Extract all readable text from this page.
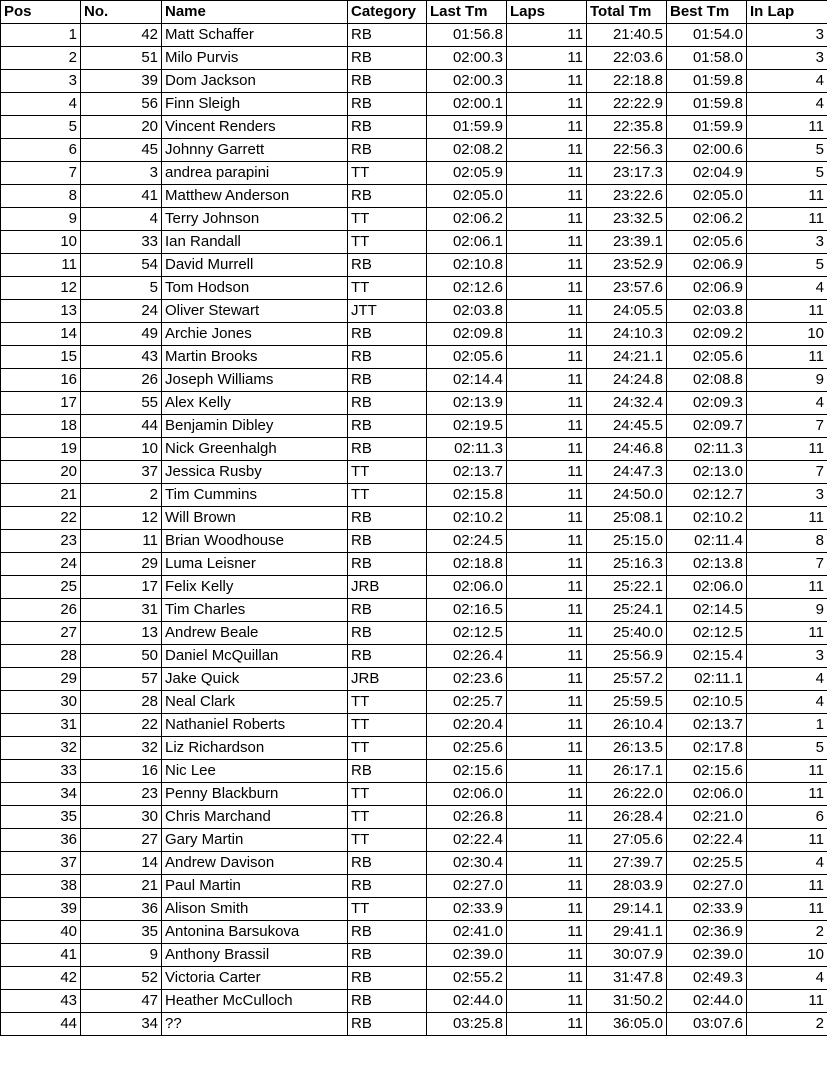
Pos	No.	Name	Category	Last Tm	Laps	Total Tm	Best Tm	In Lap
1	42	Matt Schaffer	RB	01:56.8	11	21:40.5	01:54.0	3
2	51	Milo Purvis	RB	02:00.3	11	22:03.6	01:58.0	3
3	39	Dom Jackson	RB	02:00.3	11	22:18.8	01:59.8	4
4	56	Finn Sleigh	RB	02:00.1	11	22:22.9	01:59.8	4
5	20	Vincent Renders	RB	01:59.9	11	22:35.8	01:59.9	11
6	45	Johnny Garrett	RB	02:08.2	11	22:56.3	02:00.6	5
7	3	andrea parapini	TT	02:05.9	11	23:17.3	02:04.9	5
8	41	Matthew Anderson	RB	02:05.0	11	23:22.6	02:05.0	11
9	4	Terry Johnson	TT	02:06.2	11	23:32.5	02:06.2	11
10	33	Ian Randall	TT	02:06.1	11	23:39.1	02:05.6	3
11	54	David Murrell	RB	02:10.8	11	23:52.9	02:06.9	5
12	5	Tom Hodson	TT	02:12.6	11	23:57.6	02:06.9	4
13	24	Oliver Stewart	JTT	02:03.8	11	24:05.5	02:03.8	11
14	49	Archie Jones	RB	02:09.8	11	24:10.3	02:09.2	10
15	43	Martin Brooks	RB	02:05.6	11	24:21.1	02:05.6	11
16	26	Joseph Williams	RB	02:14.4	11	24:24.8	02:08.8	9
17	55	Alex Kelly	RB	02:13.9	11	24:32.4	02:09.3	4
18	44	Benjamin Dibley	RB	02:19.5	11	24:45.5	02:09.7	7
19	10	Nick Greenhalgh	RB	02:11.3	11	24:46.8	02:11.3	11
20	37	Jessica Rusby	TT	02:13.7	11	24:47.3	02:13.0	7
21	2	Tim Cummins	TT	02:15.8	11	24:50.0	02:12.7	3
22	12	Will Brown	RB	02:10.2	11	25:08.1	02:10.2	11
23	11	Brian Woodhouse	RB	02:24.5	11	25:15.0	02:11.4	8
24	29	Luma Leisner	RB	02:18.8	11	25:16.3	02:13.8	7
25	17	Felix Kelly	JRB	02:06.0	11	25:22.1	02:06.0	11
26	31	Tim Charles	RB	02:16.5	11	25:24.1	02:14.5	9
27	13	Andrew Beale	RB	02:12.5	11	25:40.0	02:12.5	11
28	50	Daniel McQuillan	RB	02:26.4	11	25:56.9	02:15.4	3
29	57	Jake Quick	JRB	02:23.6	11	25:57.2	02:11.1	4
30	28	Neal Clark	TT	02:25.7	11	25:59.5	02:10.5	4
31	22	Nathaniel Roberts	TT	02:20.4	11	26:10.4	02:13.7	1
32	32	Liz Richardson	TT	02:25.6	11	26:13.5	02:17.8	5
33	16	Nic Lee	RB	02:15.6	11	26:17.1	02:15.6	11
34	23	Penny Blackburn	TT	02:06.0	11	26:22.0	02:06.0	11
35	30	Chris Marchand	TT	02:26.8	11	26:28.4	02:21.0	6
36	27	Gary Martin	TT	02:22.4	11	27:05.6	02:22.4	11
37	14	Andrew Davison	RB	02:30.4	11	27:39.7	02:25.5	4
38	21	Paul Martin	RB	02:27.0	11	28:03.9	02:27.0	11
39	36	Alison Smith	TT	02:33.9	11	29:14.1	02:33.9	11
40	35	Antonina Barsukova	RB	02:41.0	11	29:41.1	02:36.9	2
41	9	Anthony Brassil	RB	02:39.0	11	30:07.9	02:39.0	10
42	52	Victoria Carter	RB	02:55.2	11	31:47.8	02:49.3	4
43	47	Heather McCulloch	RB	02:44.0	11	31:50.2	02:44.0	11
44	34	??	RB	03:25.8	11	36:05.0	03:07.6	2
